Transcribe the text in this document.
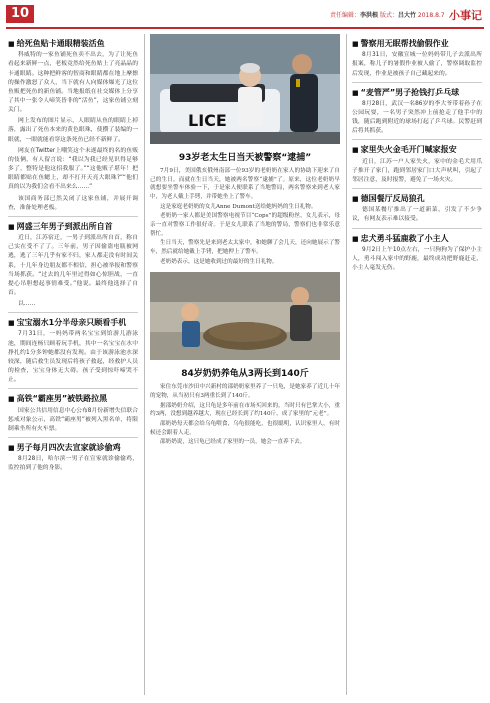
10	责任编辑：李洪根 版式：吕大竹 2018.8.7 小事记
■ 给死鱼贴卡通眼精装活鱼

科威特的一家鱼铺死鱼卖不出去，为了让死鱼看起来新鲜一点，老板竟然给死鱼贴上了亮晶晶的卡通眼睛。这种把鲜客的智商和眼睛都在地上摩擦的操作激怒了众人，当下就有人向媒体爆光了这位鱼贩把死鱼的新鱼铺。当地报纸在社交媒体上分享了其中一张令人啼笑皆非的“活鱼”，这家鱼铺立刻关门。

网上发布的图片显示，人眼睛从鱼的眼睛上掉落，露出了死鱼本来的黄色眼珠，使攒了装编的一眼就，一眼就能看穿这条死鱼已经不新鲜了。

网友在Twitter上嘲笑这个未遂最终的名的鱼贩的伎俩，有人留言说：“我以为我已经见识得足够多了，整特是他这招我服了。”“这他贩子堪年！把眼睛都贴在鱼鳃上，却不打开天亮大眼珠?”“他们真的以为我们会看不出来么……”

该国商务部已然关闭了这家鱼铺，并展开调查，准备处理老板。

■ 网盛三年男子到派出所自首

近日，江苏宿迁，一男子到派出所自首，称自己实在受不了了。三年前，男子因偷盗电瓶被网逃，逃了三年几乎有家不归，家人都走没有时间关系，十几年身边朋友都不相信，担心被举报和警察当场抓获。“过去的几年里过得如心惊胆战，一直提心吊胆想起事情难受。”他说。最终他选择了自首。

以……

■ 宝宝溺水1分半母亲只顾看手机

7月31日，一妈妈带两名宝宝到馆游儿游泳池，期间连杨只顾着玩手机，其中一名宝宝在水中挣扎约1分多钟她都没有发现。由于该游泳池水深较深，随后救生员发现后将孩子救起，经救护人员的检查，宝宝身体无大碍。孩子受到惊吓啼哭不止。

■ 高铁“霸座男”被铁路拉黑

国家公共信用信息中心公布8月份新增失信联合惩戒对象公示，高铁“霸座男”被列入黑名单，将限制乘坐所有火车票。

■ 男子每月四次去宣家就诊偷鸡

8月28日，哈尔滨一男子在宣家就诊偷偷鸡，监控拍到了他的身影。

LICE
93岁老太生日当天被警察“逮捕”

7月9日，美国俄亥俄州南部一位93岁的老奶奶在家人的协助下迎来了自己的生日，而就在生日当天，她被两名警察“逮捕”了。原来，这位老奶奶早就想要坐警车体验一下，于是家人便联系了当地警局，两名警察来到老人家中，为老人戴上手铐，并带她坐上了警车。

这是家庭老奶奶的女儿Anne Dumont送给她妈妈的生日礼物。

老奶奶一家人都是美国警察电视节目“Cops”的超级粉丝，女儿表示，母亲一直对警察工作很好奇。于是女儿联系了当地的警局，警察们也非常乐意帮忙。

生日当天，警察先是来到老太太家中，和她聊了会儿天，还向她展示了警车，然后就给她戴上手铐，把她押上了警车。

老奶奶表示，这是她收到过的最好的生日礼物。

84岁奶奶养龟从3两长到140斤

家住东莞市沙田中兴新村的邵奶奶家里养了一只龟，是她家养了近几十年的宠物，从当初只有3两重长到了140斤。

据邵奶奶介绍，这只龟是多年前在市场买回来的，当时只有巴掌大小，重约3两，没想到越养越大，现在已经长到了约140斤，成了家里的“元老”。

邵奶奶每天都会给乌龟喂食，乌龟很能吃，也很聪明，认识家里人，有时候还会跟着人走。

邵奶奶说，这只龟已经成了家里的一员，她会一直养下去。

■ 警察用无眠帮找偷假作业

8月31日，安徽宣城一位妈妈带儿子去派出所报案，称儿子的暑假作业被人偷了，警察调取监控后发现，作业是被孩子自己藏起来的。

■ “麦管严”男子抢钱打乒乓球

8月28日，武汉一名86岁的李大爷带着孙子在公园玩耍，一名男子突然冲上前抢走了他手中的钱，随后跑到附近的球场打起了乒乓球。民警赶到后将其抓获。

■ 家里失火金毛开门喊家报安

近日，江苏一户人家失火，家中的金毛犬用爪子推开了家门，跑到邻居家门口大声吠叫，引起了邻居注意，及时报警，避免了一场火灾。

■ 德国餐厅反局狼孔

德国某餐厅推出了一道新菜，引发了不少争议，有网友表示难以接受。

■ 忠犬勇斗猛鹿救了小主人

9月2日上午10点左右，一只狗狗为了保护小主人，勇斗闯入家中的野鹿，最终成功把野鹿赶走，小主人毫发无伤。
